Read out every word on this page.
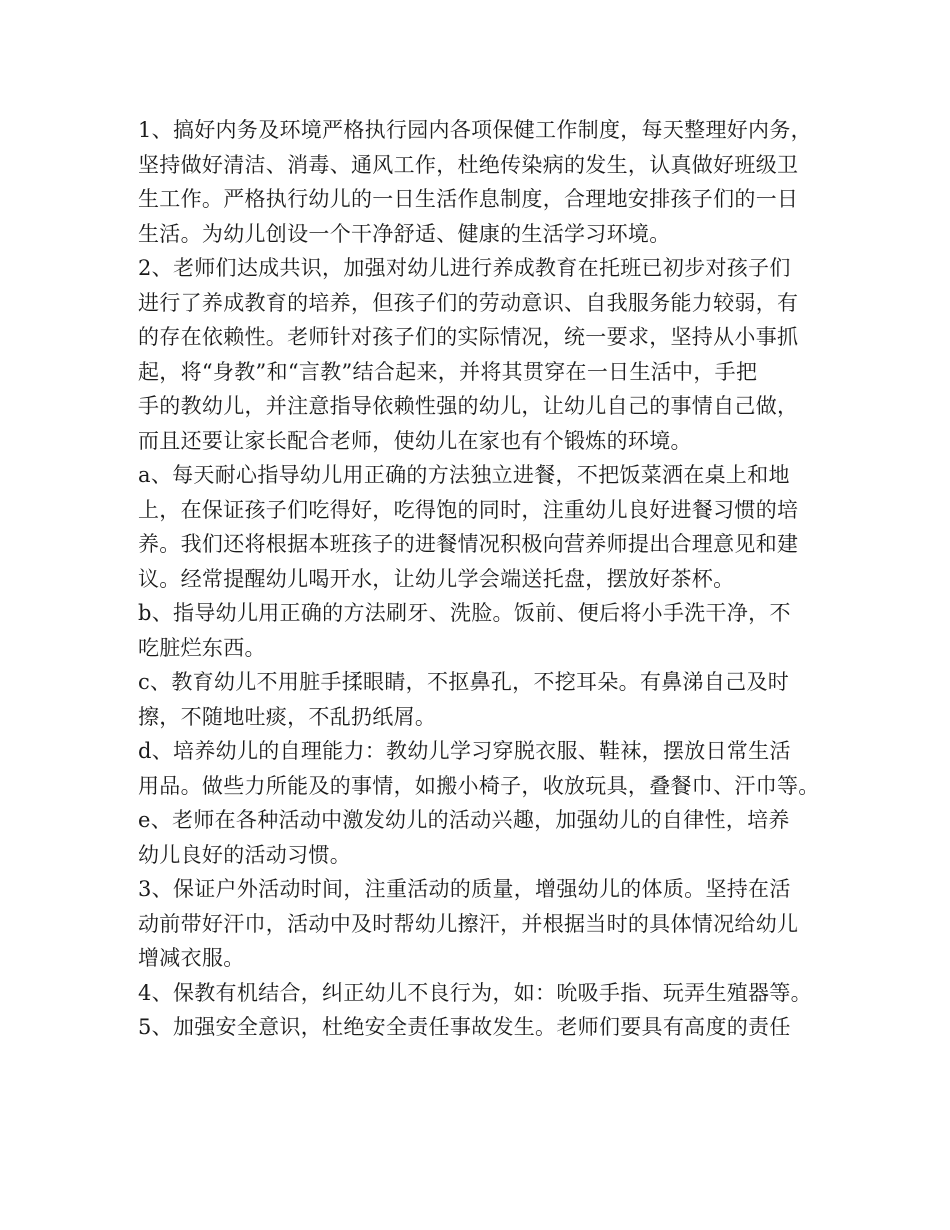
1、搞好内务及环境严格执行园内各项保健工作制度，每天整理好内务，
坚持做好清洁、消毒、通风工作，杜绝传染病的发生，认真做好班级卫
生工作。严格执行幼儿的一日生活作息制度，合理地安排孩子们的一日
生活。为幼儿创设一个干净舒适、健康的生活学习环境。
2、老师们达成共识，加强对幼儿进行养成教育在托班已初步对孩子们
进行了养成教育的培养，但孩子们的劳动意识、自我服务能力较弱，有
的存在依赖性。老师针对孩子们的实际情况，统一要求，坚持从小事抓
起，将“身教”和“言教”结合起来，并将其贯穿在一日生活中，手把
手的教幼儿，并注意指导依赖性强的幼儿，让幼儿自己的事情自己做，
而且还要让家长配合老师，使幼儿在家也有个锻炼的环境。
a、每天耐心指导幼儿用正确的方法独立进餐，不把饭菜洒在桌上和地
上，在保证孩子们吃得好，吃得饱的同时，注重幼儿良好进餐习惯的培
养。我们还将根据本班孩子的进餐情况积极向营养师提出合理意见和建
议。经常提醒幼儿喝开水，让幼儿学会端送托盘，摆放好茶杯。
b、指导幼儿用正确的方法刷牙、洗脸。饭前、便后将小手洗干净，不
吃脏烂东西。
c、教育幼儿不用脏手揉眼睛，不抠鼻孔，不挖耳朵。有鼻涕自己及时
擦，不随地吐痰，不乱扔纸屑。
d、培养幼儿的自理能力：教幼儿学习穿脱衣服、鞋袜，摆放日常生活
用品。做些力所能及的事情，如搬小椅子，收放玩具，叠餐巾、汗巾等。
e、老师在各种活动中激发幼儿的活动兴趣，加强幼儿的自律性，培养
幼儿良好的活动习惯。
3、保证户外活动时间，注重活动的质量，增强幼儿的体质。坚持在活
动前带好汗巾，活动中及时帮幼儿擦汗，并根据当时的具体情况给幼儿
增减衣服。
4、保教有机结合，纠正幼儿不良行为，如：吮吸手指、玩弄生殖器等。
5、加强安全意识，杜绝安全责任事故发生。老师们要具有高度的责任
